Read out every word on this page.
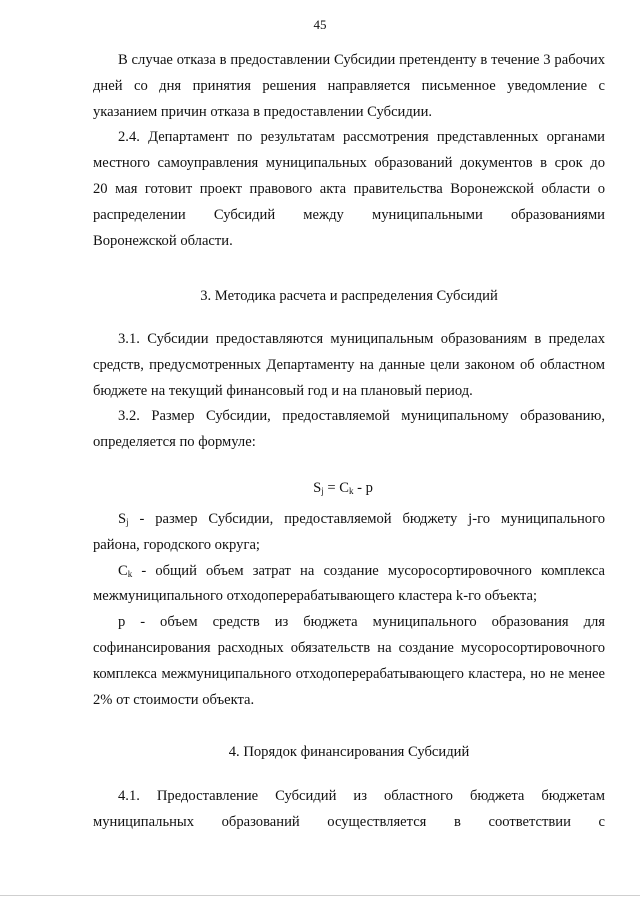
45

В случае отказа в предоставлении Субсидии претенденту в течение 3 рабочих дней со дня принятия решения направляется письменное уведомление с указанием причин отказа в предоставлении Субсидии.

2.4. Департамент по результатам рассмотрения представленных органами

местного самоуправления муниципальных образований документов в срок до

20 мая готовит проект правового акта правительства Воронежской области о

распределении Субсидий между муниципальными образованиями

Воронежской области.

3. Методика расчета и распределения Субсидий

3.1. Субсидии предоставляются муниципальным образованиям в пределах средств, предусмотренных Департаменту на данные цели законом об областном бюджете на текущий финансовый год и на плановый период.

3.2. Размер Субсидии, предоставляемой муниципальному образованию, определяется по формуле:

$S_j = C_k - p$

$S_j$ - размер Субсидии, предоставляемой бюджету j-го муниципального района, городского округа;

$C_k$ - общий объем затрат на создание мусоросортировочного комплекса межмуниципального отходоперерабатывающего кластера k-го объекта;

р - объем средств из бюджета муниципального образования для софинансирования расходных обязательств на создание мусоросортировочного комплекса межмуниципального отходоперерабатывающего кластера, но не менее 2% от стоимости объекта.

4. Порядок финансирования Субсидий

4.1. Предоставление Субсидий из областного бюджета бюджетам

муниципальных образований осуществляется в соответствии с
